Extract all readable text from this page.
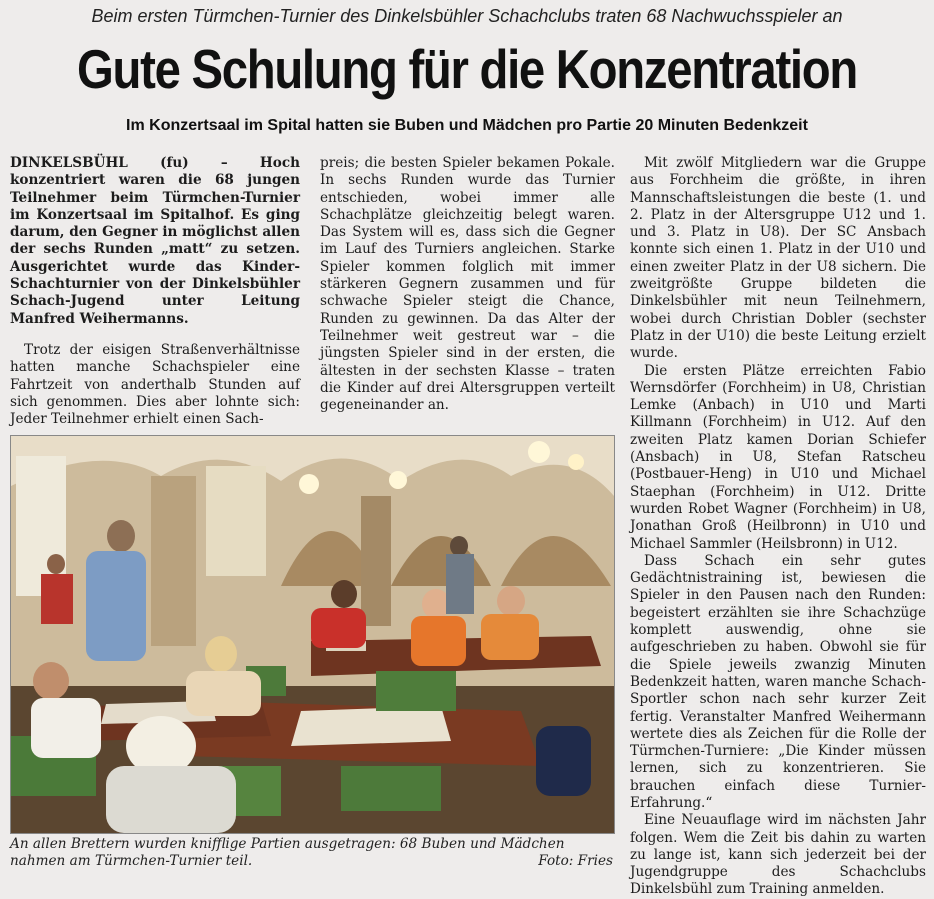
Beim ersten Türmchen-Turnier des Dinkelsbühler Schachclubs traten 68 Nachwuchsspieler an
Gute Schulung für die Konzentration
Im Konzertsaal im Spital hatten sie Buben und Mädchen pro Partie 20 Minuten Bedenkzeit

DINKELSBÜHL (fu) – Hoch konzentriert waren die 68 jungen Teilnehmer beim Türmchen-Turnier im Konzertsaal im Spitalhof. Es ging darum, den Gegner in möglichst allen der sechs Runden „matt“ zu setzen. Ausgerichtet wurde das Kinder-Schachturnier von der Dinkelsbühler Schach-Jugend unter Leitung Manfred Weihermanns.

Trotz der eisigen Straßenverhältnisse hatten manche Schachspieler eine Fahrtzeit von anderthalb Stunden auf sich genommen. Dies aber lohnte sich: Jeder Teilnehmer erhielt einen Sach-

preis; die besten Spieler bekamen Pokale. In sechs Runden wurde das Turnier entschieden, wobei immer alle Schachplätze gleichzeitig belegt waren. Das System will es, dass sich die Gegner im Lauf des Turniers angleichen. Starke Spieler kommen folglich mit immer stärkeren Gegnern zusammen und für schwache Spieler steigt die Chance, Runden zu gewinnen. Da das Alter der Teilnehmer weit gestreut war – die jüngsten Spieler sind in der ersten, die ältesten in der sechsten Klasse – traten die Kinder auf drei Altersgruppen verteilt gegeneinander an.

Mit zwölf Mitgliedern war die Gruppe aus Forchheim die größte, in ihren Mannschaftsleistungen die beste (1. und 2. Platz in der Altersgruppe U12 und 1. und 3. Platz in U8). Der SC Ansbach konnte sich einen 1. Platz in der U10 und einen zweiter Platz in der U8 sichern. Die zweitgrößte Gruppe bildeten die Dinkelsbühler mit neun Teilnehmern, wobei durch Christian Dobler (sechster Platz in der U10) die beste Leitung erzielt wurde.

Die ersten Plätze erreichten Fabio Wernsdörfer (Forchheim) in U8, Christian Lemke (Anbach) in U10 und Marti Killmann (Forchheim) in U12. Auf den zweiten Platz kamen Dorian Schiefer (Ansbach) in U8, Stefan Ratscheu (Postbauer-Heng) in U10 und Michael Staephan (Forchheim) in U12. Dritte wurden Robet Wagner (Forchheim) in U8, Jonathan Groß (Heilbronn) in U10 und Michael Sammler (Heilsbronn) in U12.

Dass Schach ein sehr gutes Gedächtnistraining ist, bewiesen die Spieler in den Pausen nach den Runden: begeistert erzählten sie ihre Schachzüge komplett auswendig, ohne sie aufgeschrieben zu haben. Obwohl sie für die Spiele jeweils zwanzig Minuten Bedenkzeit hatten, waren manche Schach-Sportler schon nach sehr kurzer Zeit fertig. Veranstalter Manfred Weihermann wertete dies als Zeichen für die Rolle der Türmchen-Turniere: „Die Kinder müssen lernen, sich zu konzentrieren. Sie brauchen einfach diese Turnier-Erfahrung.“

Eine Neuauflage wird im nächsten Jahr folgen. Wem die Zeit bis dahin zu warten zu lange ist, kann sich jederzeit bei der Jugendgruppe des Schachclubs Dinkelsbühl zum Training anmelden.

An allen Brettern wurden knifflige Partien ausgetragen: 68 Buben und Mädchen nahmen am Türmchen-Turnier teil.	Foto: Fries
